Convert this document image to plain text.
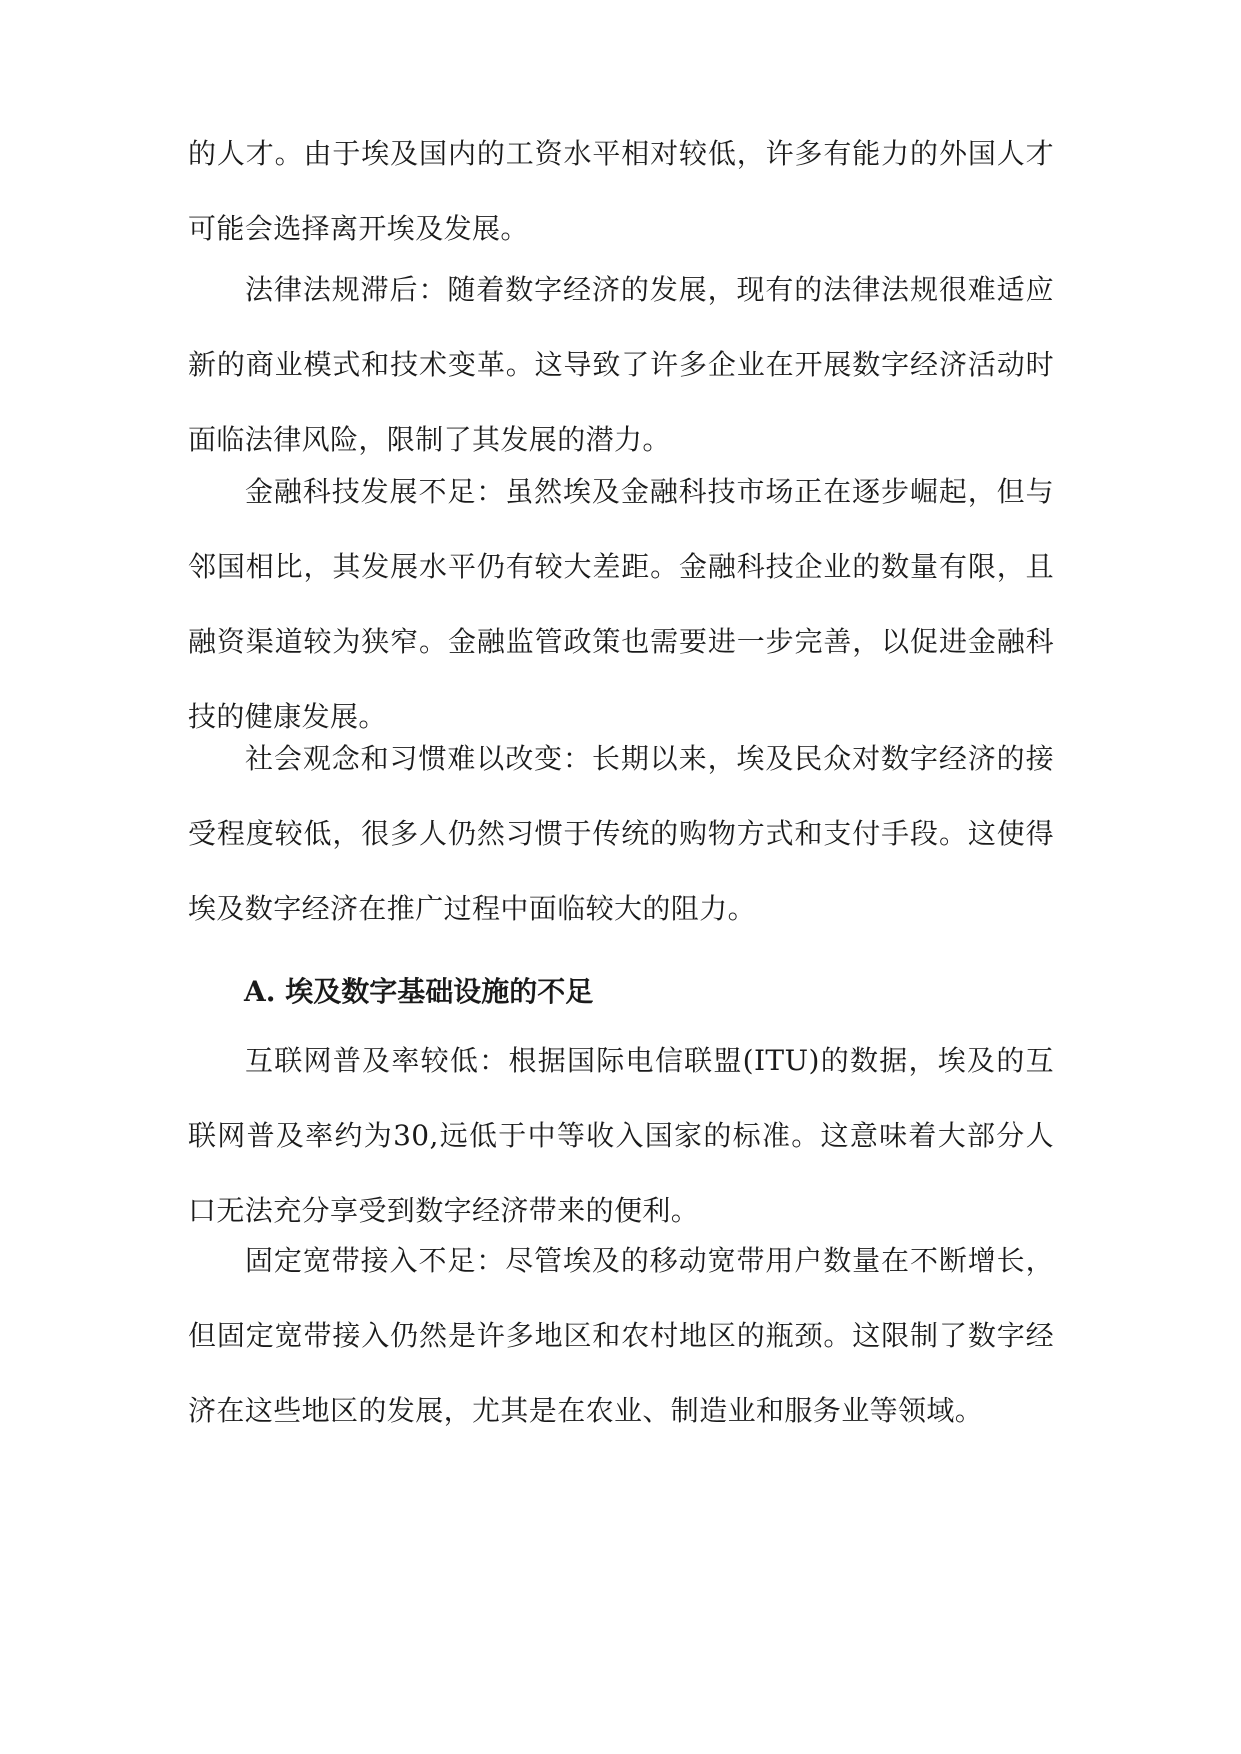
的人才。由于埃及国内的工资水平相对较低，许多有能力的外国人才可能会选择离开埃及发展。

法律法规滞后：随着数字经济的发展，现有的法律法规很难适应新的商业模式和技术变革。这导致了许多企业在开展数字经济活动时面临法律风险，限制了其发展的潜力。

金融科技发展不足：虽然埃及金融科技市场正在逐步崛起，但与邻国相比，其发展水平仍有较大差距。金融科技企业的数量有限，且融资渠道较为狭窄。金融监管政策也需要进一步完善，以促进金融科技的健康发展。

社会观念和习惯难以改变：长期以来，埃及民众对数字经济的接受程度较低，很多人仍然习惯于传统的购物方式和支付手段。这使得埃及数字经济在推广过程中面临较大的阻力。

A. 埃及数字基础设施的不足

互联网普及率较低：根据国际电信联盟(ITU)的数据，埃及的互联网普及率约为30,远低于中等收入国家的标准。这意味着大部分人口无法充分享受到数字经济带来的便利。

固定宽带接入不足：尽管埃及的移动宽带用户数量在不断增长，但固定宽带接入仍然是许多地区和农村地区的瓶颈。这限制了数字经济在这些地区的发展，尤其是在农业、制造业和服务业等领域。
